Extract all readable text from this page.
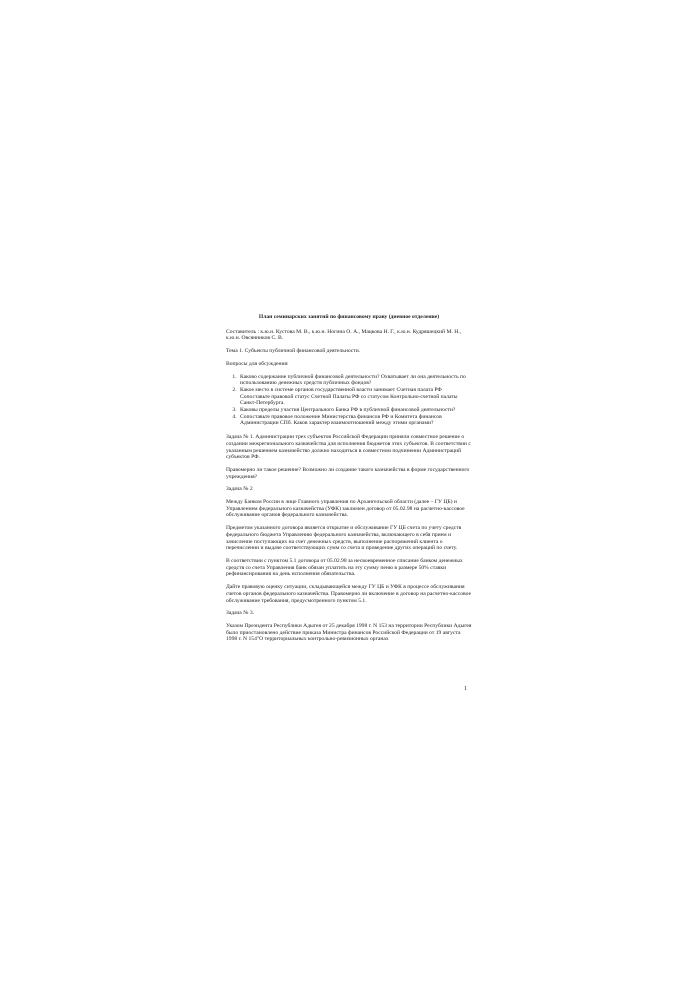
План семинарских занятий по финансовому праву (дневное отделение)

Составитель : к.ю.н. Кустова М. В., к.ю.н. Ногина О. А., Мацкова Н. Г., к.ю.н. Кудряшецкий М. Н., к.ю.н. Овсянников С. В.

Тема 1. Субъекты публичной финансовой деятельности.

Вопросы для обсуждения:

1. Каково содержание публичной финансовой деятельности? Охватывает ли она деятельность по использованию денежных средств публичных фондов?
2. Какое место в системе органов государственной власти занимает Счетная палата РФ Сопоставьте правовой статус Счетной Палаты РФ со статусом Контрольно-счетной палаты Санкт-Петербурга.
3. Каковы пределы участия Центрального Банка РФ в публичной финансовой деятельности?
4. Сопоставьте правовое положение Министерства финансов РФ и Комитета финансов Администрации СПб. Каков характер взаимоотношений между этими органами?

Задача № 1. Администрации трех субъектов Российской Федерации приняли совместное решение о создании межрегионального казначейства для исполнения бюджетов этих субъектов. В соответствии с указанным решением казначейство должно находиться в совместном подчинении Администраций субъектов РФ.

Правомерно ли такое решение? Возможно ли создание такого казначейства в форме государственного учреждения?

Задача № 2

Между Банком России в лице Главного управления по Архангельской области (далее – ГУ ЦБ) и Управлением федерального казначейства (УФК) заключен договор от 05.02.98 на расчетно-кассовое обслуживание органов федерального казначейства.

Предметом указанного договора является открытие и обслуживание ГУ ЦБ счета по учету средств федерального бюджета Управлению федерального казначейства, включающего в себя прием и зачисление поступающих на счет денежных средств, выполнение распоряжений клиента о перечислении и выдаче соответствующих сумм со счета и проведение других операций по счету.

В соответствии с пунктом 5.1 договора от 05.02.98 за несвоевременное списание банком денежных средств со счета Управления банк обязан уплатить на эту сумму пеню в размере 50% ставки рефинансирования на день исполнения обязательства.

Дайте правовую оценку ситуации, складывающейся между ГУ ЦБ и УФК в процессе обслуживания счетов органов федерального казначейства. Правомерно ли включение в договор на расчетно-кассовое обслуживание требования, предусмотренного пунктом 5.1.

Задача № 3.

Указом Президента Республики Адыгея от 25 декабря 1998 г. N 153 на территории Республики Адыгея было приостановлено действие приказа Министра финансов Российской Федерации от 19 августа 1998 г. N 154"О территориальных контрольно-ревизионных органах

1
